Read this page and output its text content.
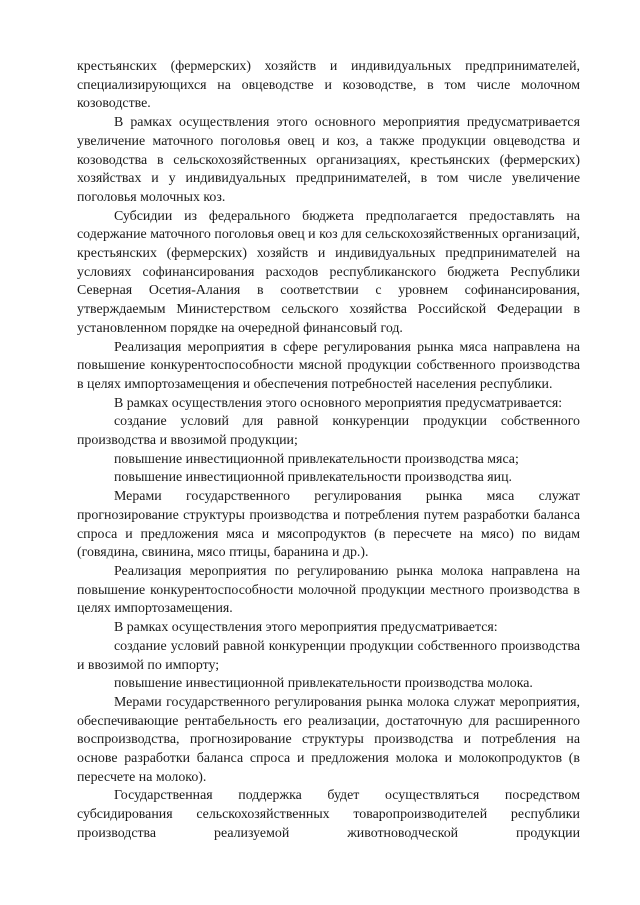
крестьянских (фермерских) хозяйств и индивидуальных предпринимателей, специализирующихся на овцеводстве и козоводстве, в том числе молочном козоводстве.

В рамках осуществления этого основного мероприятия предусматривается увеличение маточного поголовья овец и коз, а также продукции овцеводства и козоводства в сельскохозяйственных организациях, крестьянских (фермерских) хозяйствах и у индивидуальных предпринимателей, в том числе увеличение поголовья молочных коз.

Субсидии из федерального бюджета предполагается предоставлять на содержание маточного поголовья овец и коз для сельскохозяйственных организаций, крестьянских (фермерских) хозяйств и индивидуальных предпринимателей на условиях софинансирования расходов республиканского бюджета Республики Северная Осетия-Алания в соответствии с уровнем софинансирования, утверждаемым Министерством сельского хозяйства Российской Федерации в установленном порядке на очередной финансовый год.

Реализация мероприятия в сфере регулирования рынка мяса направлена на повышение конкурентоспособности мясной продукции собственного производства в целях импортозамещения и обеспечения потребностей населения республики.

В рамках осуществления этого основного мероприятия предусматривается:

создание условий для равной конкуренции продукции собственного производства и ввозимой продукции;

повышение инвестиционной привлекательности производства мяса;

повышение инвестиционной привлекательности производства яиц.

Мерами государственного регулирования рынка мяса служат прогнозирование структуры производства и потребления путем разработки баланса спроса и предложения мяса и мясопродуктов (в пересчете на мясо) по видам (говядина, свинина, мясо птицы, баранина и др.).

Реализация мероприятия по регулированию рынка молока направлена на повышение конкурентоспособности молочной продукции местного производства в целях импортозамещения.

В рамках осуществления этого мероприятия предусматривается:

создание условий равной конкуренции продукции собственного производства и ввозимой по импорту;

повышение инвестиционной привлекательности производства молока.

Мерами государственного регулирования рынка молока служат мероприятия, обеспечивающие рентабельность его реализации, достаточную для расширенного воспроизводства, прогнозирование структуры производства и потребления на основе разработки баланса спроса и предложения молока и молокопродуктов (в пересчете на молоко).

Государственная поддержка будет осуществляться посредством субсидирования сельскохозяйственных товаропроизводителей республики производства реализуемой животноводческой продукции
